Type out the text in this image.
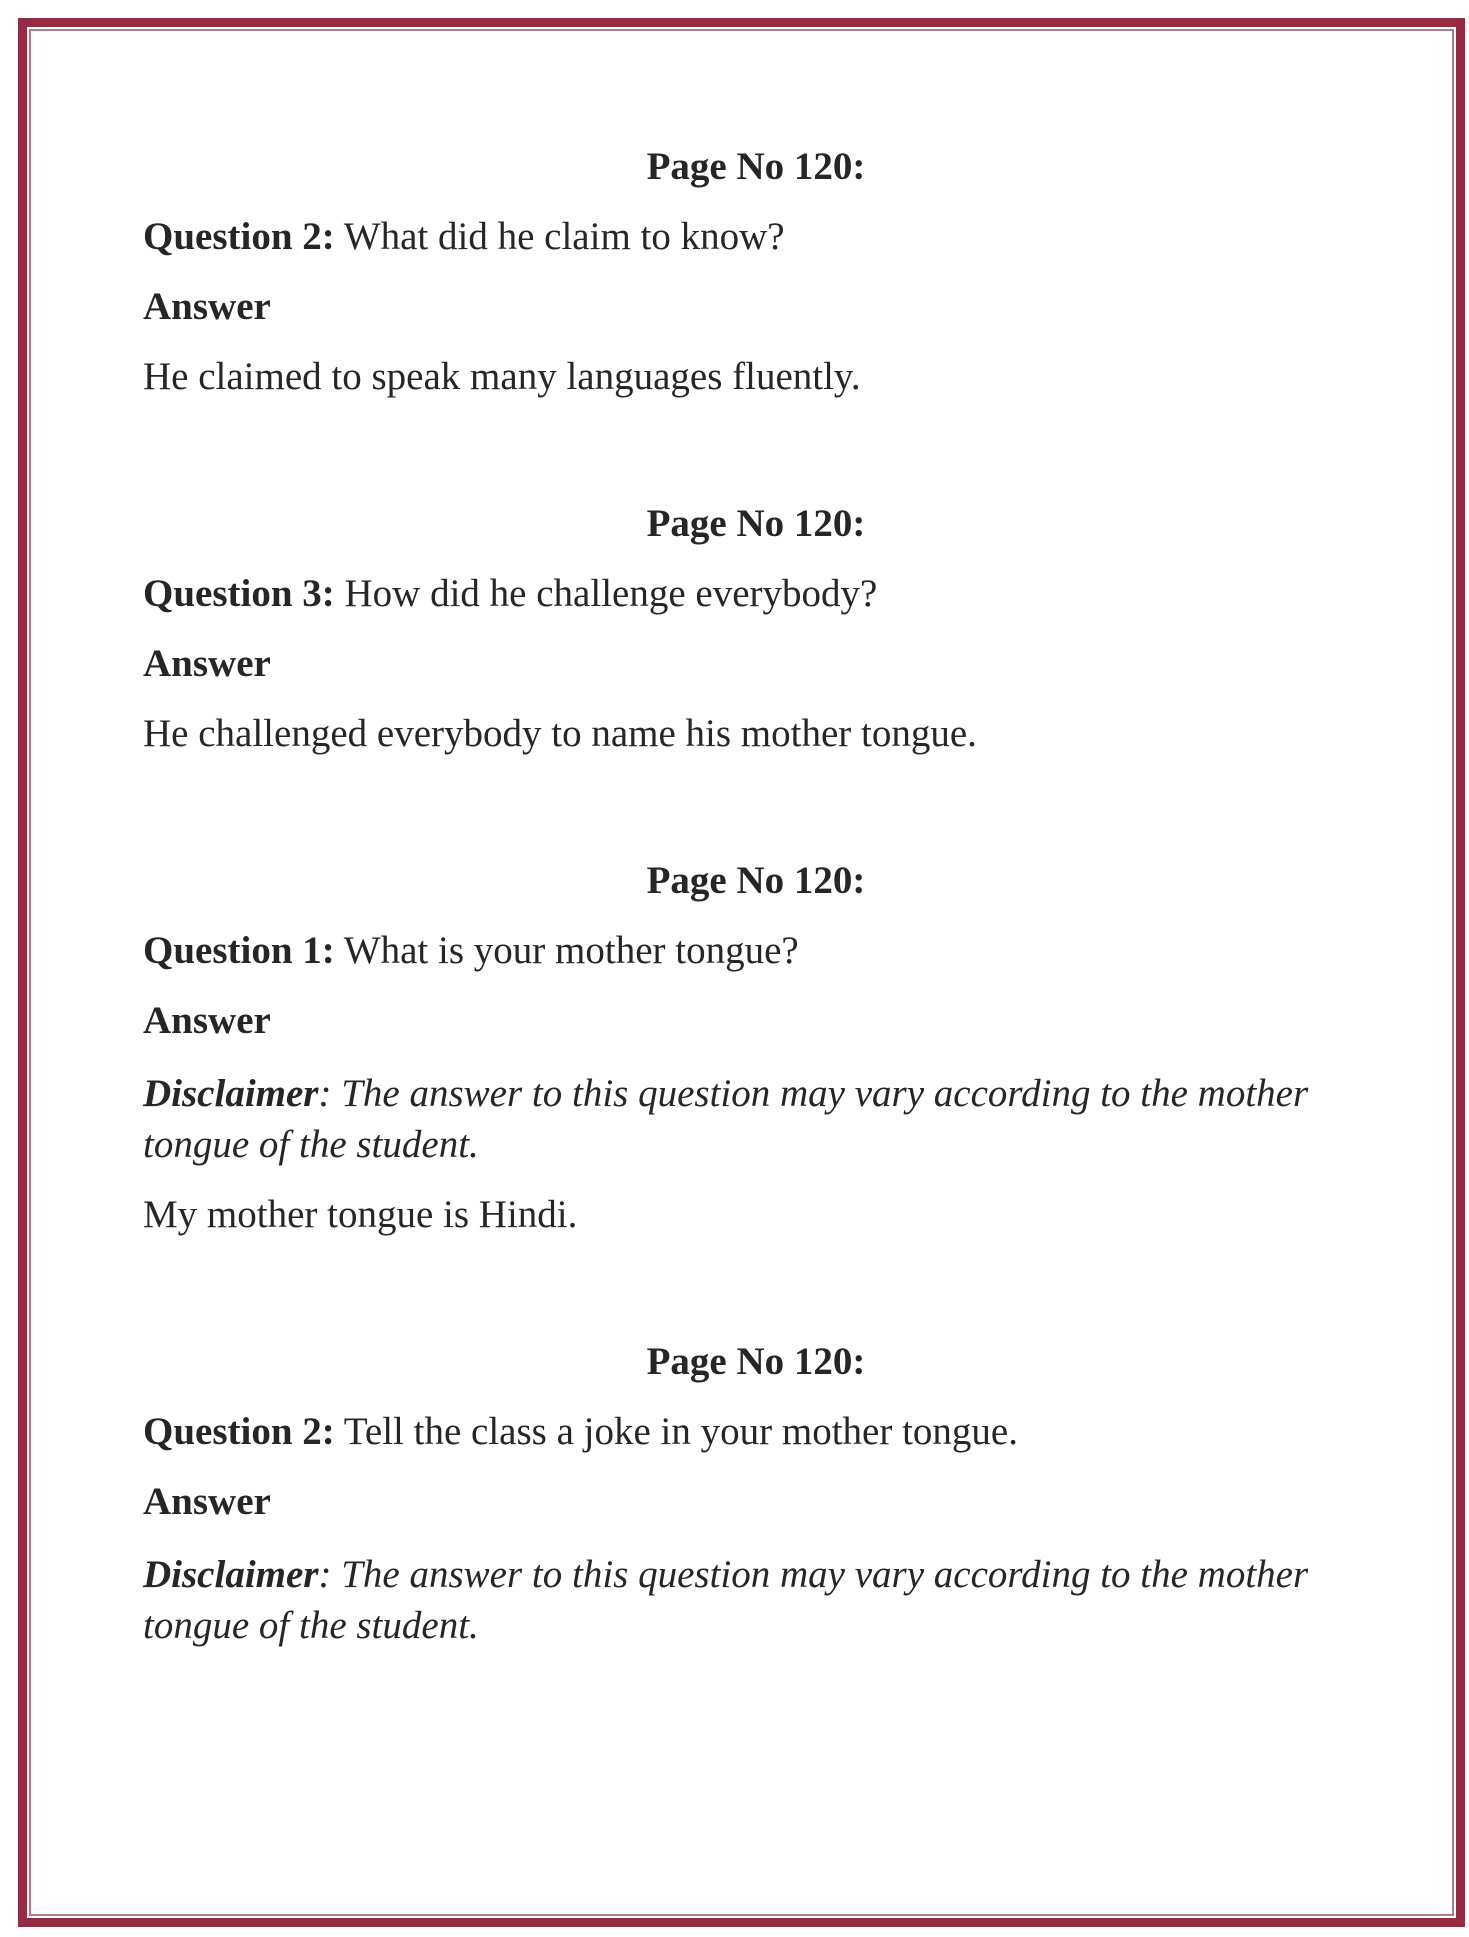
Page No 120:
Question 2: What did he claim to know?
Answer
He claimed to speak many languages fluently.
Page No 120:
Question 3: How did he challenge everybody?
Answer
He challenged everybody to name his mother tongue.
Page No 120:
Question 1: What is your mother tongue?
Answer
Disclaimer: The answer to this question may vary according to the mother
tongue of the student.
My mother tongue is Hindi.
Page No 120:
Question 2: Tell the class a joke in your mother tongue.
Answer
Disclaimer: The answer to this question may vary according to the mother
tongue of the student.
